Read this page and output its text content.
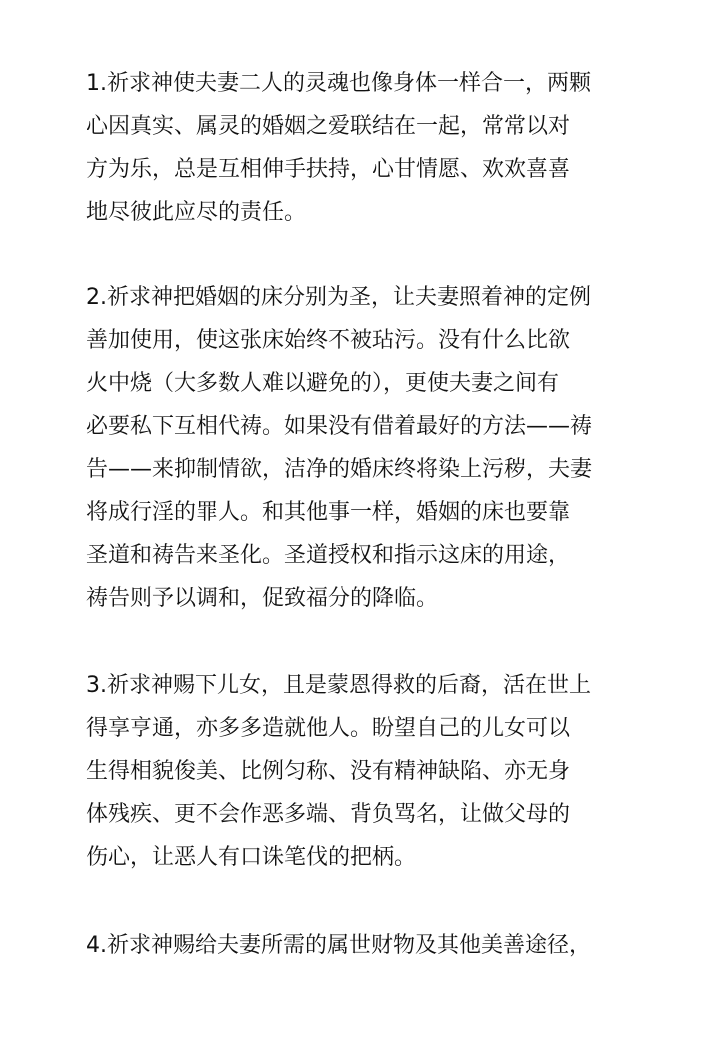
1.祈求神使夫妻二人的灵魂也像身体一样合一，两颗
心因真实、属灵的婚姻之爱联结在一起，常常以对
方为乐，总是互相伸手扶持，心甘情愿、欢欢喜喜
地尽彼此应尽的责任。

2.祈求神把婚姻的床分别为圣，让夫妻照着神的定例
善加使用，使这张床始终不被玷污。没有什么比欲
火中烧（大多数人难以避免的），更使夫妻之间有
必要私下互相代祷。如果没有借着最好的方法——祷
告——来抑制情欲，洁净的婚床终将染上污秽，夫妻
将成行淫的罪人。和其他事一样，婚姻的床也要靠
圣道和祷告来圣化。圣道授权和指示这床的用途，
祷告则予以调和，促致福分的降临。

3.祈求神赐下儿女，且是蒙恩得救的后裔，活在世上
得享亨通，亦多多造就他人。盼望自己的儿女可以
生得相貌俊美、比例匀称、没有精神缺陷、亦无身
体残疾、更不会作恶多端、背负骂名，让做父母的
伤心，让恶人有口诛笔伐的把柄。

4.祈求神赐给夫妻所需的属世财物及其他美善途径，
